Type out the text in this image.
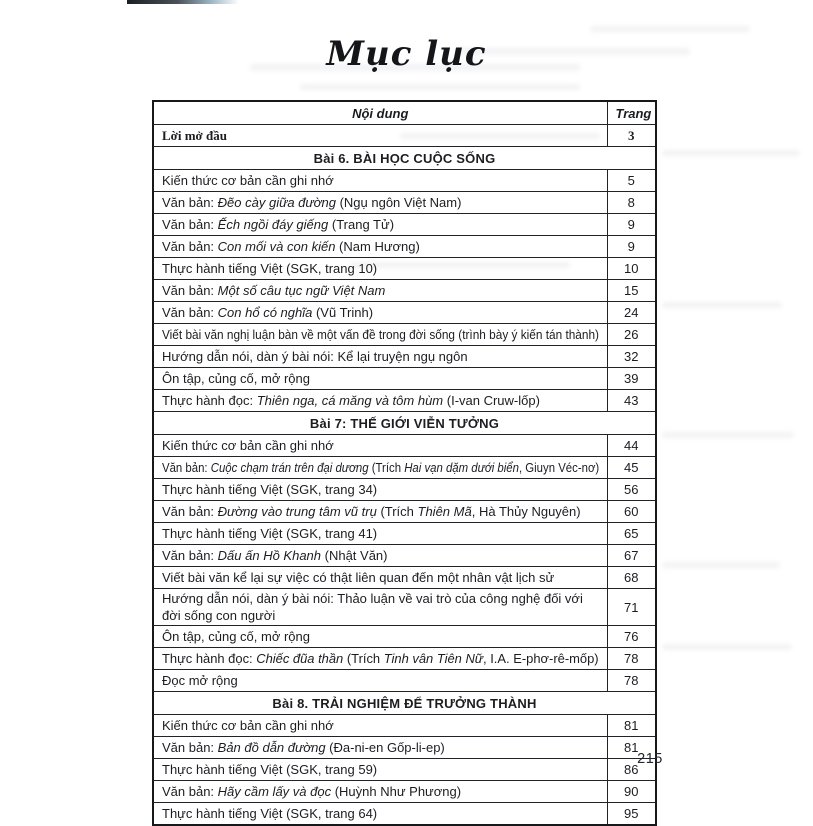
Mục lục
Nội dung	Trang
Lời mở đầu	3
Bài 6. BÀI HỌC CUỘC SỐNG	
Kiến thức cơ bản cần ghi nhớ	5
Văn bản: Đẽo cày giữa đường (Ngụ ngôn Việt Nam)	8
Văn bản: Ếch ngồi đáy giếng (Trang Tử)	9
Văn bản: Con mối và con kiến (Nam Hương)	9
Thực hành tiếng Việt (SGK, trang 10)	10
Văn bản: Một số câu tục ngữ Việt Nam	15
Văn bản: Con hổ có nghĩa (Vũ Trinh)	24
Viết bài văn nghị luận bàn về một vấn đề trong đời sống (trình bày ý kiến tán thành)	26
Hướng dẫn nói, dàn ý bài nói: Kể lại truyện ngụ ngôn	32
Ôn tập, củng cố, mở rộng	39
Thực hành đọc: Thiên nga, cá măng và tôm hùm (I-van Cruw-lốp)	43
Bài 7: THẾ GIỚI VIỄN TƯỞNG	
Kiến thức cơ bản cần ghi nhớ	44
Văn bản: Cuộc chạm trán trên đại dương (Trích Hai vạn dặm dưới biển, Giuyn Véc-nơ)	45
Thực hành tiếng Việt (SGK, trang 34)	56
Văn bản: Đường vào trung tâm vũ trụ (Trích Thiên Mã, Hà Thủy Nguyên)	60
Thực hành tiếng Việt (SGK, trang 41)	65
Văn bản: Dấu ấn Hồ Khanh (Nhật Văn)	67
Viết bài văn kể lại sự việc có thật liên quan đến một nhân vật lịch sử	68
Hướng dẫn nói, dàn ý bài nói: Thảo luận về vai trò của công nghệ đối với đời sống con người	71
Ôn tập, củng cố, mở rộng	76
Thực hành đọc: Chiếc đũa thần (Trích Tinh vân Tiên Nữ, I.A. E-phơ-rê-mốp)	78
Đọc mở rộng	78
Bài 8. TRẢI NGHIỆM ĐỂ TRƯỞNG THÀNH	
Kiến thức cơ bản cần ghi nhớ	81
Văn bản: Bản đồ dẫn đường (Đa-ni-en Gốp-li-ep)	81
Thực hành tiếng Việt (SGK, trang 59)	86
Văn bản: Hãy cầm lấy và đọc (Huỳnh Như Phương)	90
Thực hành tiếng Việt (SGK, trang 64)	95
215
